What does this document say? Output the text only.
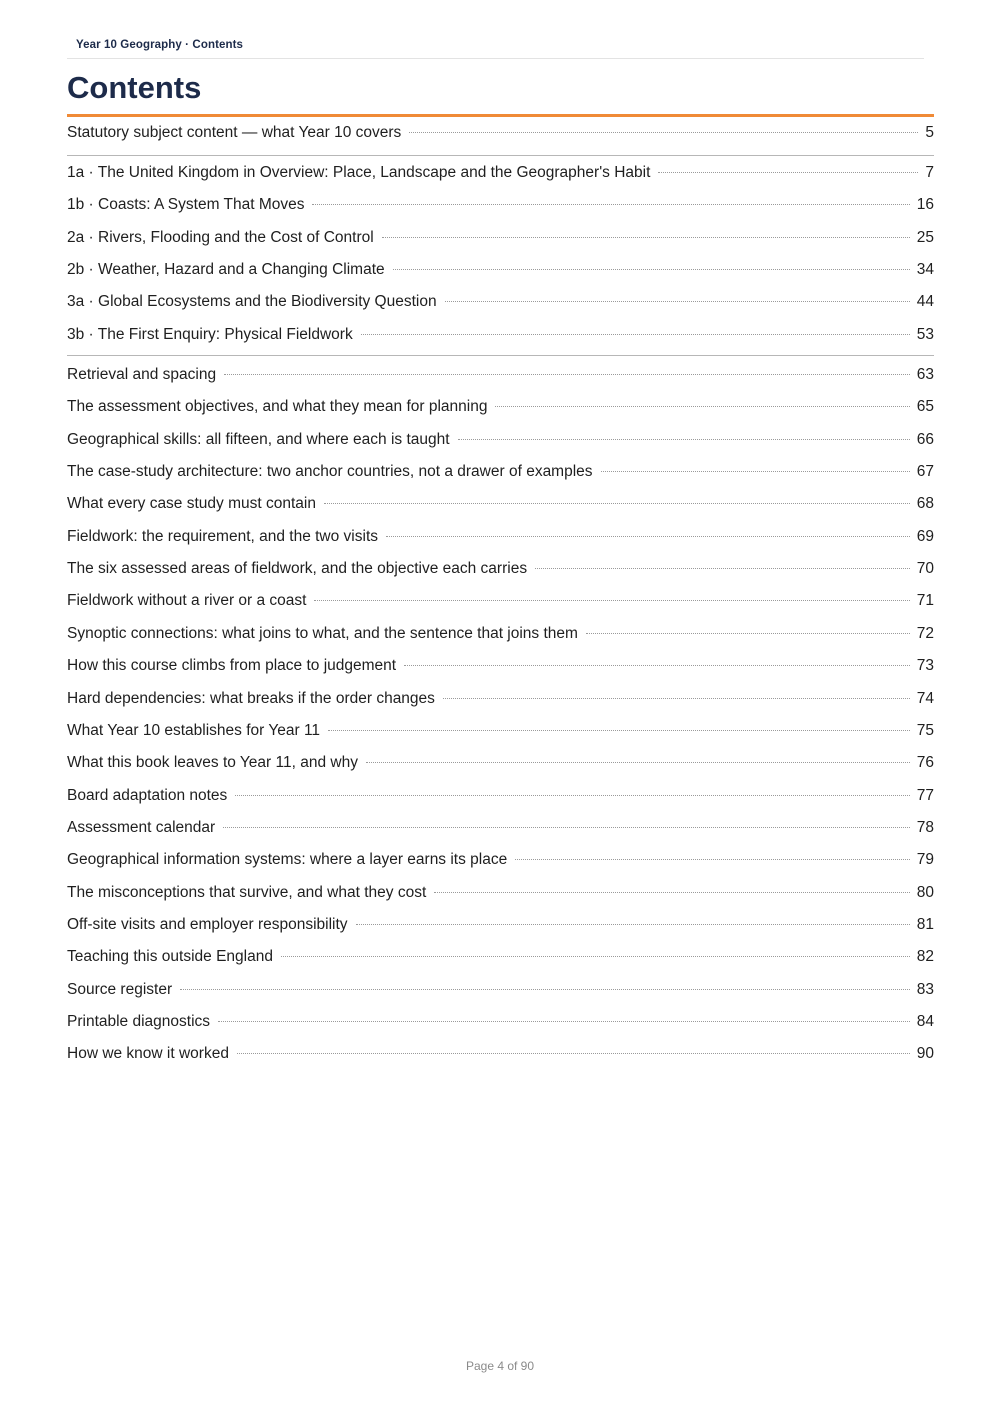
Year 10 Geography · Contents
Contents
Statutory subject content — what Year 10 covers	5
1a · The United Kingdom in Overview: Place, Landscape and the Geographer's Habit	7
1b · Coasts: A System That Moves	16
2a · Rivers, Flooding and the Cost of Control	25
2b · Weather, Hazard and a Changing Climate	34
3a · Global Ecosystems and the Biodiversity Question	44
3b · The First Enquiry: Physical Fieldwork	53
Retrieval and spacing	63
The assessment objectives, and what they mean for planning	65
Geographical skills: all fifteen, and where each is taught	66
The case-study architecture: two anchor countries, not a drawer of examples	67
What every case study must contain	68
Fieldwork: the requirement, and the two visits	69
The six assessed areas of fieldwork, and the objective each carries	70
Fieldwork without a river or a coast	71
Synoptic connections: what joins to what, and the sentence that joins them	72
How this course climbs from place to judgement	73
Hard dependencies: what breaks if the order changes	74
What Year 10 establishes for Year 11	75
What this book leaves to Year 11, and why	76
Board adaptation notes	77
Assessment calendar	78
Geographical information systems: where a layer earns its place	79
The misconceptions that survive, and what they cost	80
Off-site visits and employer responsibility	81
Teaching this outside England	82
Source register	83
Printable diagnostics	84
How we know it worked	90
Page 4 of 90
